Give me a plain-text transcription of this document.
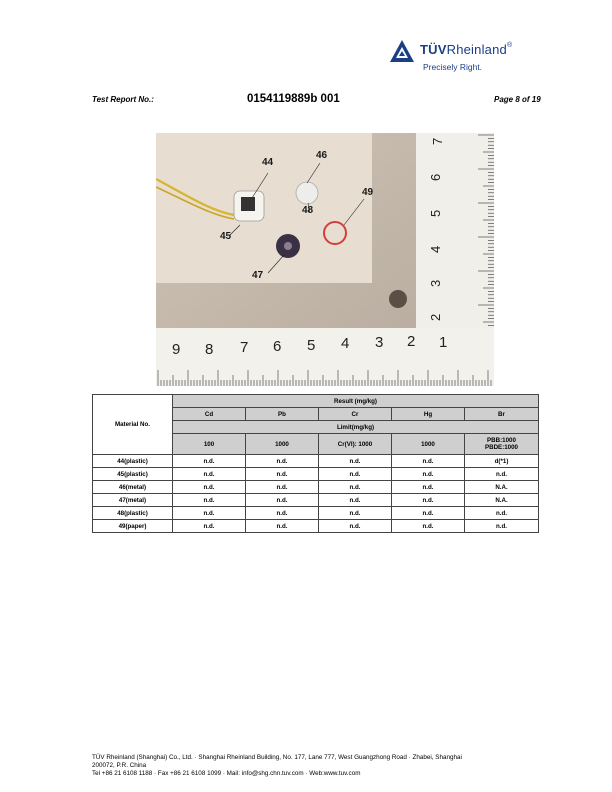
TÜVRheinland®
Precisely Right.
Test Report No.:	0154119889b 001	Page 8 of 19
44
45
46
47
48
49
9 8 7 6 5 4 3 2 1
7
6
5
4
3
2
Material No.	Result (mg/kg)				
	Cd	Pb	Cr	Hg	Br
	Limit(mg/kg)				
	100	1000	Cr(VI): 1000	1000	PBB:1000
PBDE:1000

44(plastic)	n.d.	n.d.	n.d.	n.d.	d(*1)
45(plastic)	n.d.	n.d.	n.d.	n.d.	n.d.
46(metal)	n.d.	n.d.	n.d.	n.d.	N.A.
47(metal)	n.d.	n.d.	n.d.	n.d.	N.A.
48(plastic)	n.d.	n.d.	n.d.	n.d.	n.d.
49(paper)	n.d.	n.d.	n.d.	n.d.	n.d.
TÜV Rheinland (Shanghai) Co., Ltd. · Shanghai Rheinland Building, No. 177, Lane 777, West Guangzhong Road · Zhabei, Shanghai
200072, P.R. China
Tel +86 21 6108 1188 · Fax +86 21 6108 1099 · Mail: info@shg.chn.tuv.com · Web:www.tuv.com
